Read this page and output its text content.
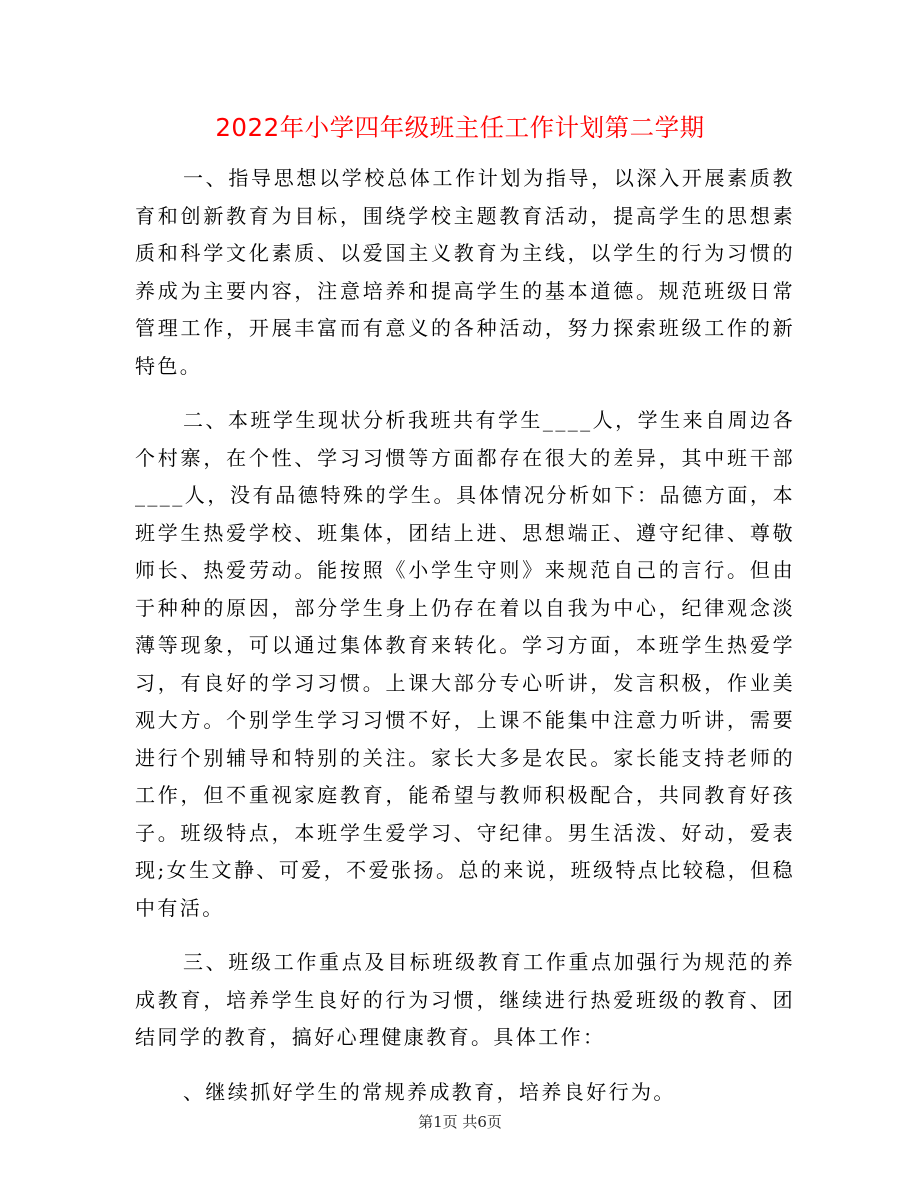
2022年小学四年级班主任工作计划第二学期

一、指导思想以学校总体工作计划为指导，以深入开展素质教育和创新教育为目标，围绕学校主题教育活动，提高学生的思想素质和科学文化素质、以爱国主义教育为主线，以学生的行为习惯的养成为主要内容，注意培养和提高学生的基本道德。规范班级日常管理工作，开展丰富而有意义的各种活动，努力探索班级工作的新特色。

二、本班学生现状分析我班共有学生____人，学生来自周边各个村寨，在个性、学习习惯等方面都存在很大的差异，其中班干部____人，没有品德特殊的学生。具体情况分析如下：品德方面，本班学生热爱学校、班集体，团结上进、思想端正、遵守纪律、尊敬师长、热爱劳动。能按照《小学生守则》来规范自己的言行。但由于种种的原因，部分学生身上仍存在着以自我为中心，纪律观念淡薄等现象，可以通过集体教育来转化。学习方面，本班学生热爱学习，有良好的学习习惯。上课大部分专心听讲，发言积极，作业美观大方。个别学生学习习惯不好，上课不能集中注意力听讲，需要进行个别辅导和特别的关注。家长大多是农民。家长能支持老师的工作，但不重视家庭教育，能希望与教师积极配合，共同教育好孩子。班级特点，本班学生爱学习、守纪律。男生活泼、好动，爱表现;女生文静、可爱，不爱张扬。总的来说，班级特点比较稳，但稳中有活。

三、班级工作重点及目标班级教育工作重点加强行为规范的养成教育，培养学生良好的行为习惯，继续进行热爱班级的教育、团结同学的教育，搞好心理健康教育。具体工作：

、继续抓好学生的常规养成教育，培养良好行为。

第1页 共6页
